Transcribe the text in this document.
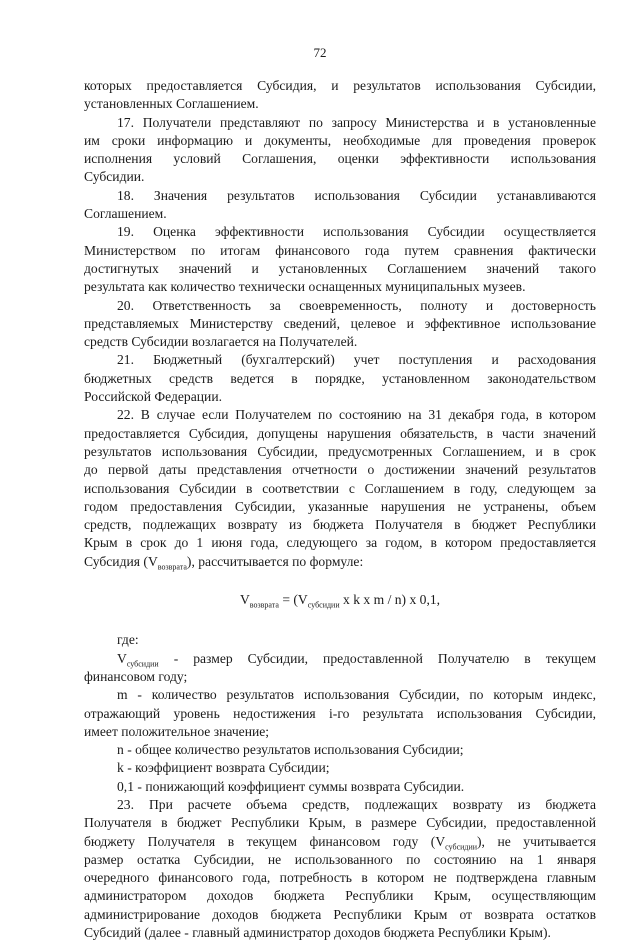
72
которых предоставляется Субсидия, и результатов использования Субсидии,
установленных Соглашением.
17. Получатели представляют по запросу Министерства и в установленные
им сроки информацию и документы, необходимые для проведения проверок
исполнения условий Соглашения, оценки эффективности использования
Субсидии.
18. Значения результатов использования Субсидии устанавливаются
Соглашением.
19. Оценка эффективности использования Субсидии осуществляется
Министерством по итогам финансового года путем сравнения фактически
достигнутых значений и установленных Соглашением значений такого
результата как количество технически оснащенных муниципальных музеев.
20. Ответственность за своевременность, полноту и достоверность
представляемых Министерству сведений, целевое и эффективное использование
средств Субсидии возлагается на Получателей.
21. Бюджетный (бухгалтерский) учет поступления и расходования
бюджетных средств ведется в порядке, установленном законодательством
Российской Федерации.
22. В случае если Получателем по состоянию на 31 декабря года, в котором
предоставляется Субсидия, допущены нарушения обязательств, в части значений
результатов использования Субсидии, предусмотренных Соглашением, и в срок
до первой даты представления отчетности о достижении значений результатов
использования Субсидии в соответствии с Соглашением в году, следующем за
годом предоставления Субсидии, указанные нарушения не устранены, объем
средств, подлежащих возврату из бюджета Получателя в бюджет Республики
Крым в срок до 1 июня года, следующего за годом, в котором предоставляется
Субсидия $(V_{возврата})$, рассчитывается по формуле:
$V_{возврата} = (V_{субсидии}$ x k x m / n) x 0,1,
где:
$V_{субсидии}$ - размер Субсидии, предоставленной Получателю в текущем
финансовом году;
m - количество результатов использования Субсидии, по которым индекс,
отражающий уровень недостижения i-го результата использования Субсидии,
имеет положительное значение;
n - общее количество результатов использования Субсидии;
k - коэффициент возврата Субсидии;
0,1 - понижающий коэффициент суммы возврата Субсидии.
23. При расчете объема средств, подлежащих возврату из бюджета
Получателя в бюджет Республики Крым, в размере Субсидии, предоставленной
бюджету Получателя в текущем финансовом году $(V_{субсидии})$, не учитывается
размер остатка Субсидии, не использованного по состоянию на 1 января
очередного финансового года, потребность в котором не подтверждена главным
администратором доходов бюджета Республики Крым, осуществляющим
администрирование доходов бюджета Республики Крым от возврата остатков
Субсидий (далее - главный администратор доходов бюджета Республики Крым).
